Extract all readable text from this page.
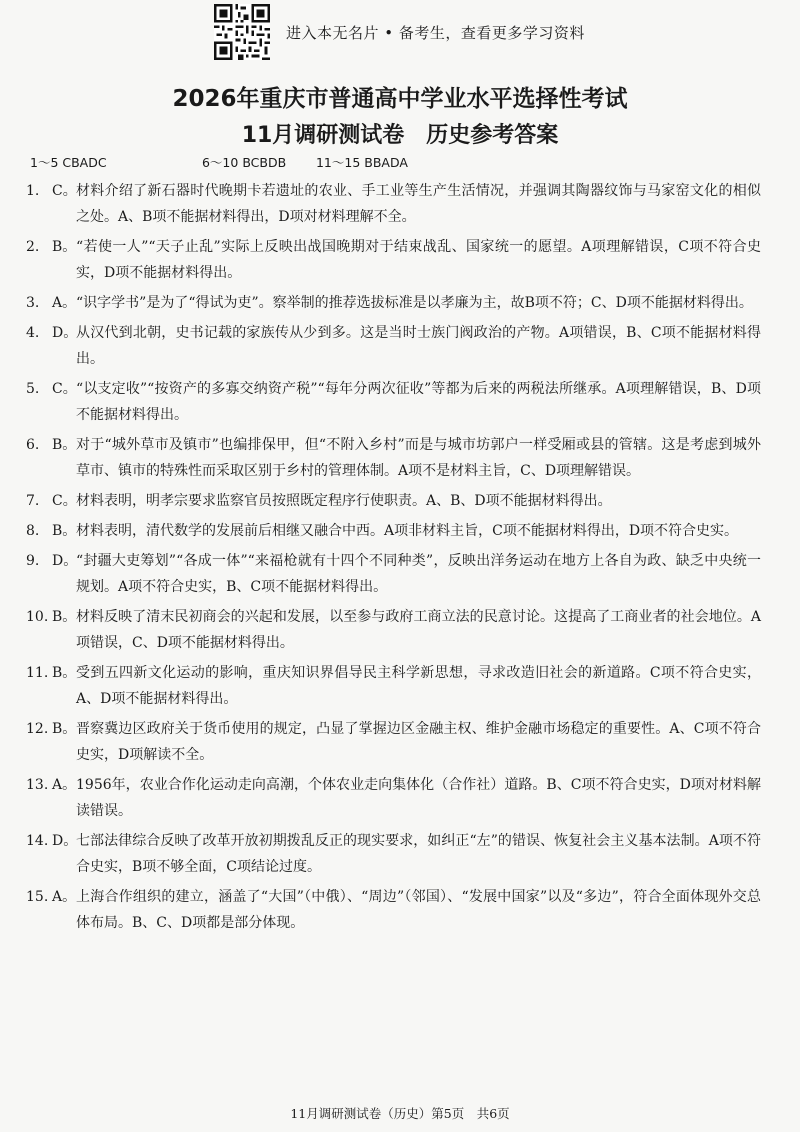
进入本无名片 • 备考生，查看更多学习资料
2026年重庆市普通高中学业水平选择性考试
11月调研测试卷　历史参考答案
1～5 CBADC	6～10 BCBDB 11～15 BBADA
1. C。 材料介绍了新石器时代晚期卡若遗址的农业、手工业等生产生活情况，并强调其陶器纹饰与马家窑文化的相似之处。A、B项不能据材料得出，D项对材料理解不全。
2. B。 “若使一人”“天子止乱”实际上反映出战国晚期对于结束战乱、国家统一的愿望。A项理解错误，C项不符合史实，D项不能据材料得出。
3. A。 “识字学书”是为了“得试为吏”。察举制的推荐选拔标准是以孝廉为主，故B项不符；C、D项不能据材料得出。
4. D。
从汉代到北朝，史书记载的家族传从少到多。这是当时士族门阀政治的产物。A项错误，B、C项不能据材料得出。
5. C。 “以支定收”“按资产的多寡交纳资产税”“每年分两次征收”等都为后来的两税法所继承。A项理解错误，B、D项不能据材料得出。
6. B。 对于“城外草市及镇市”也编排保甲，但“不附入乡村”而是与城市坊郭户一样受厢或县的管辖。这是考虑到城外草市、镇市的特殊性而采取区别于乡村的管理体制。A项不是材料主旨，C、D项理解错误。
7. C。 材料表明，明孝宗要求监察官员按照既定程序行使职责。A、B、D项不能据材料得出。
8. B。 材料表明，清代数学的发展前后相继又融合中西。A项非材料主旨，C项不能据材料得出，D项不符合史实。
9. D。
“封疆大吏筹划”“各成一体”“来福枪就有十四个不同种类”，反映出洋务运动在地方上各自为政、缺乏中央统一规划。A项不符合史实，B、C项不能据材料得出。
10. B。 材料反映了清末民初商会的兴起和发展，以至参与政府工商立法的民意讨论。这提高了工商业者的社会地位。A项错误，C、D项不能据材料得出。
11. B。 受到五四新文化运动的影响，重庆知识界倡导民主科学新思想，寻求改造旧社会的新道路。C项不符合史实，A、D项不能据材料得出。
12. B。 晋察冀边区政府关于货币使用的规定，凸显了掌握边区金融主权、维护金融市场稳定的重要性。A、C项不符合史实，D项解读不全。
13. A。 1956年，农业合作化运动走向高潮，个体农业走向集体化（合作社）道路。B、C项不符合史实，D项对材料解读错误。
14. D。
七部法律综合反映了改革开放初期拨乱反正的现实要求，如纠正“左”的错误、恢复社会主义基本法制。A项不符合史实，B项不够全面，C项结论过度。
15. A。 上海合作组织的建立，涵盖了“大国”（中俄）、“周边”（邻国）、“发展中国家”以及“多边”，符合全面体现外交总体布局。B、C、D项都是部分体现。
11月调研测试卷（历史）第5页　共6页
